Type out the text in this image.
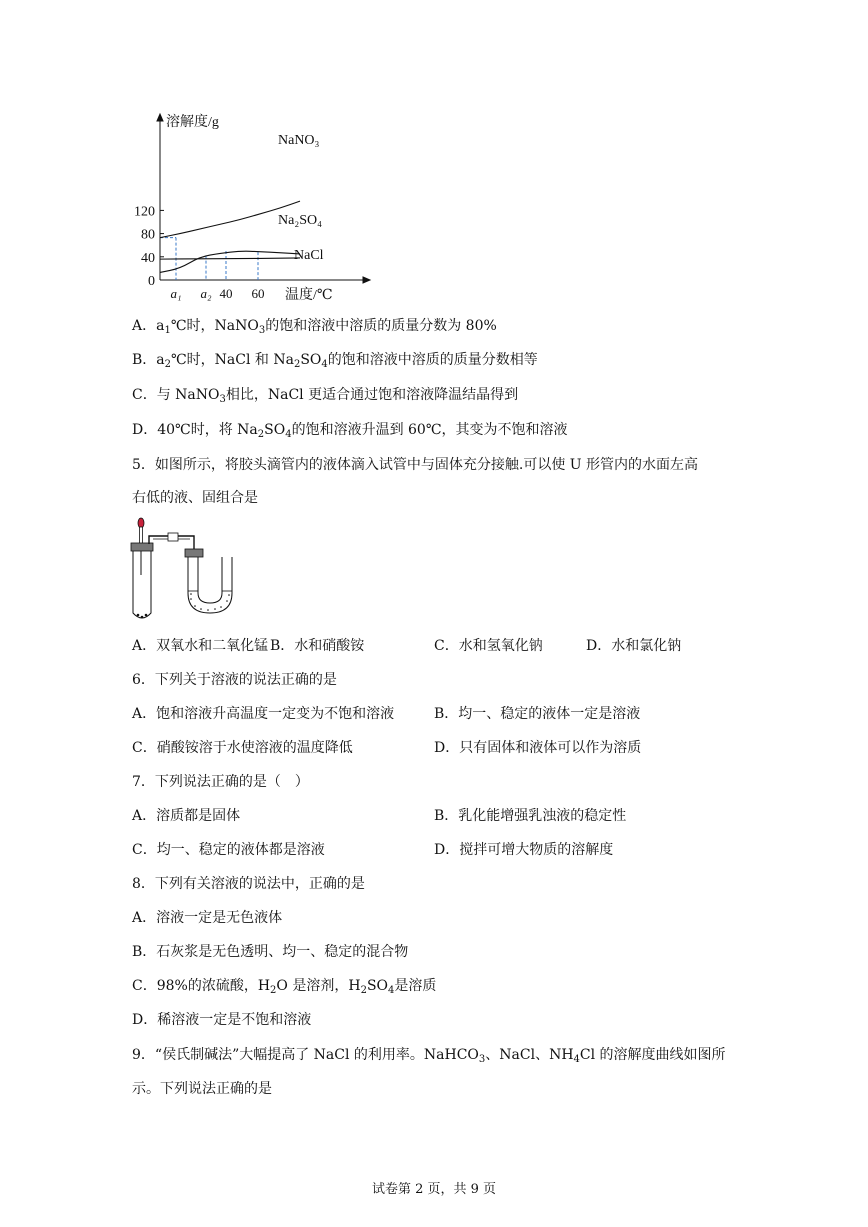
溶解度/g
温度/℃
0
40
80
120
a₁ a₂ 40 60
NaNO₃
Na₂SO₄
NaCl
A．$a_1℃$时，NaNO$_3$的饱和溶液中溶质的质量分数为 80%
B．$a_2℃$时，NaCl 和 $Na_2SO_4$的饱和溶液中溶质的质量分数相等
C．与 NaNO$_3$相比，NaCl 更适合通过饱和溶液降温结晶得到
D．40℃时，将 $Na_2SO_4$的饱和溶液升温到 60℃，其变为不饱和溶液
5．如图所示，将胶头滴管内的液体滴入试管中与固体充分接触.可以使 U 形管内的水面左高
右低的液、固组合是
A．双氧水和二氧化锰 B．水和硝酸铵	C．水和氢氧化钠	D．水和氯化钠
6．下列关于溶液的说法正确的是
A．饱和溶液升高温度一定变为不饱和溶液	B．均一、稳定的液体一定是溶液
C．硝酸铵溶于水使溶液的温度降低	D．只有固体和液体可以作为溶质
7．下列说法正确的是（　）
A．溶质都是固体	B．乳化能增强乳浊液的稳定性
C．均一、稳定的液体都是溶液	D．搅拌可增大物质的溶解度
8．下列有关溶液的说法中，正确的是
A．溶液一定是无色液体
B．石灰浆是无色透明、均一、稳定的混合物
C．98%的浓硫酸，$H_2O$ 是溶剂，$H_2SO_4$是溶质
D．稀溶液一定是不饱和溶液
9．“侯氏制碱法”大幅提高了 NaCl 的利用率。NaHCO$_3$、NaCl、$NH_4Cl$ 的溶解度曲线如图所
示。下列说法正确的是
试卷第 2 页，共 9 页
